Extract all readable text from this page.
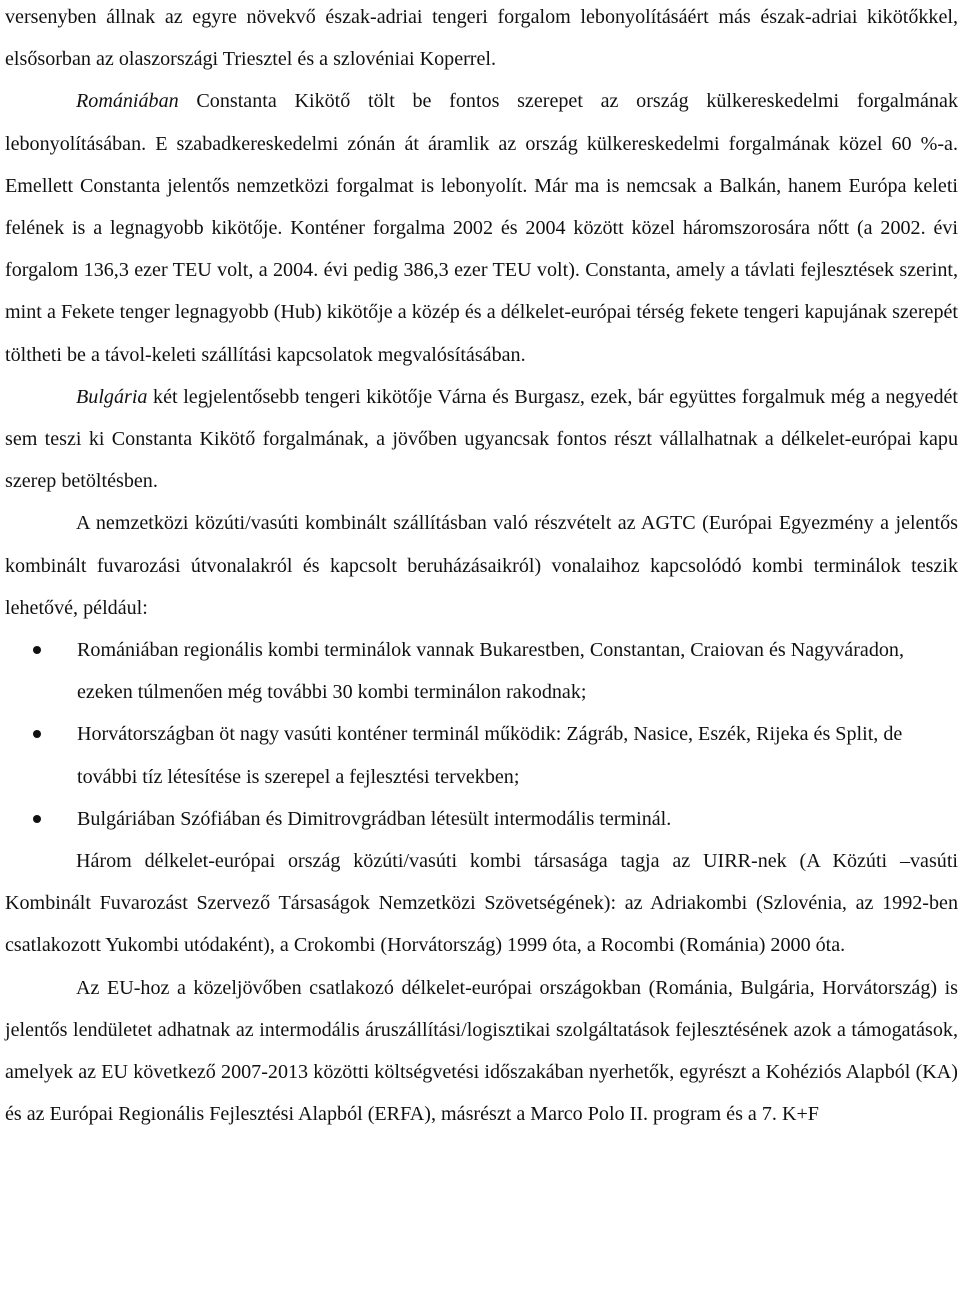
versenyben állnak az egyre növekvő észak-adriai tengeri forgalom lebonyolításáért más észak-adriai kikötőkkel, elsősorban az olaszországi Triesztel és a szlovéniai Koperrel.

Romániában Constanta Kikötő tölt be fontos szerepet az ország külkereskedelmi forgalmának lebonyolításában. E szabadkereskedelmi zónán át áramlik az ország külkereskedelmi forgalmának közel 60 %-a. Emellett Constanta jelentős nemzetközi forgalmat is lebonyolít. Már ma is nemcsak a Balkán, hanem Európa keleti felének is a legnagyobb kikötője. Konténer forgalma 2002 és 2004 között közel háromszorosára nőtt (a 2002. évi forgalom 136,3 ezer TEU volt, a 2004. évi pedig 386,3 ezer TEU volt). Constanta, amely a távlati fejlesztések szerint, mint a Fekete tenger legnagyobb (Hub) kikötője a közép és a délkelet-európai térség fekete tengeri kapujának szerepét töltheti be a távol-keleti szállítási kapcsolatok megvalósításában.

Bulgária két legjelentősebb tengeri kikötője Várna és Burgasz, ezek, bár együttes forgalmuk még a negyedét sem teszi ki Constanta Kikötő forgalmának, a jövőben ugyancsak fontos részt vállalhatnak a délkelet-európai kapu szerep betöltésben.

A nemzetközi közúti/vasúti kombinált szállításban való részvételt az AGTC (Európai Egyezmény a jelentős kombinált fuvarozási útvonalakról és kapcsolt beruházásaikról) vonalaihoz kapcsolódó kombi terminálok teszik lehetővé, például:

Romániában regionális kombi terminálok vannak Bukarestben, Constantan, Craiovan és Nagyváradon, ezeken túlmenően még további 30 kombi terminálon rakodnak;
Horvátországban öt nagy vasúti konténer terminál működik: Zágráb, Nasice, Eszék, Rijeka és Split, de további tíz létesítése is szerepel a fejlesztési tervekben;
Bulgáriában Szófiában és Dimitrovgrádban létesült intermodális terminál.

Három délkelet-európai ország közúti/vasúti kombi társasága tagja az UIRR-nek (A Közúti –vasúti Kombinált Fuvarozást Szervező Társaságok Nemzetközi Szövetségének): az Adriakombi (Szlovénia, az 1992-ben csatlakozott Yukombi utódaként), a Crokombi (Horvátország) 1999 óta, a Rocombi (Románia) 2000 óta.

Az EU-hoz a közeljövőben csatlakozó délkelet-európai országokban (Románia, Bulgária, Horvátország) is jelentős lendületet adhatnak az intermodális áruszállítási/logisztikai szolgáltatások fejlesztésének azok a támogatások, amelyek az EU következő 2007-2013 közötti költségvetési időszakában nyerhetők, egyrészt a Kohéziós Alapból (KA) és az Európai Regionális Fejlesztési Alapból (ERFA), másrészt a Marco Polo II. program és a 7. K+F
